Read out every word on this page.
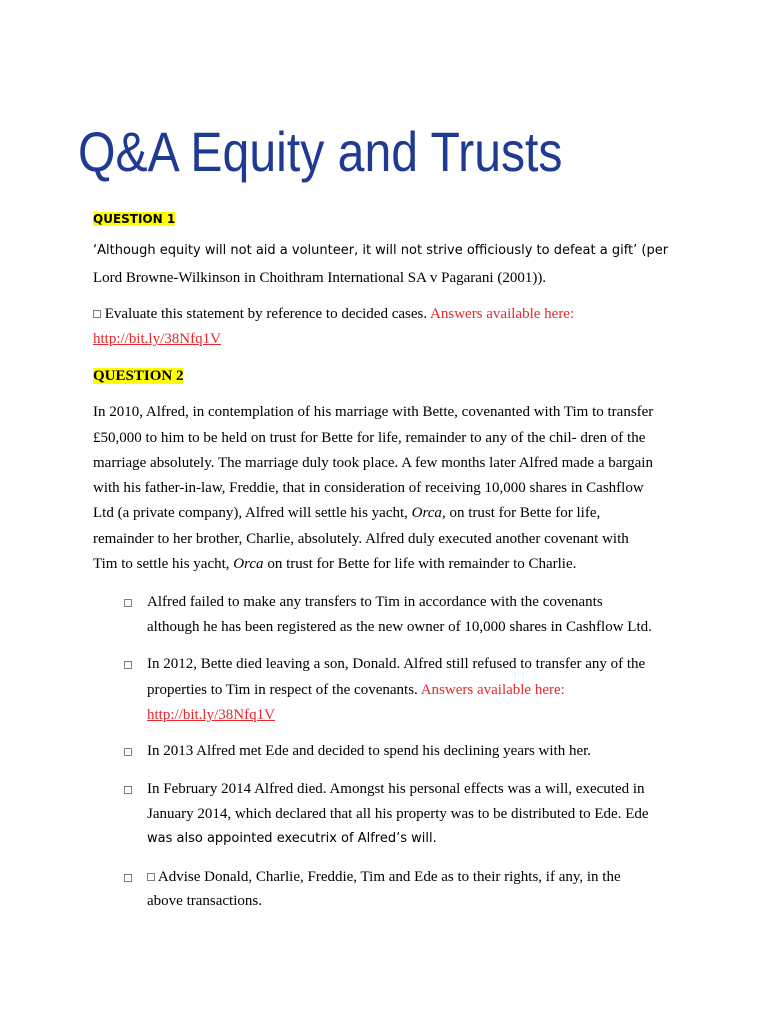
Q&A Equity and Trusts
QUESTION 1

‘Although equity will not aid a volunteer, it will not strive officiously to defeat a gift’ (per

Lord Browne-Wilkinson in Choithram International SA v Pagarani (2001)).

Evaluate this statement by reference to decided cases. Answers available here:

http://bit.ly/38Nfq1V

QUESTION 2

In 2010, Alfred, in contemplation of his marriage with Bette, covenanted with Tim to transfer

£50,000 to him to be held on trust for Bette for life, remainder to any of the chil- dren of the

marriage absolutely. The marriage duly took place. A few months later Alfred made a bargain

with his father-in-law, Freddie, that in consideration of receiving 10,000 shares in Cashflow

Ltd (a private company), Alfred will settle his yacht, Orca, on trust for Bette for life,

remainder to her brother, Charlie, absolutely. Alfred duly executed another covenant with

Tim to settle his yacht, Orca on trust for Bette for life with remainder to Charlie.

Alfred failed to make any transfers to Tim in accordance with the covenants

although he has been registered as the new owner of 10,000 shares in Cashflow Ltd.

In 2012, Bette died leaving a son, Donald. Alfred still refused to transfer any of the

properties to Tim in respect of the covenants. Answers available here:

http://bit.ly/38Nfq1V

In 2013 Alfred met Ede and decided to spend his declining years with her.

In February 2014 Alfred died. Amongst his personal effects was a will, executed in

January 2014, which declared that all his property was to be distributed to Ede. Ede

was also appointed executrix of Alfred’s will.

Advise Donald, Charlie, Freddie, Tim and Ede as to their rights, if any, in the

above transactions.
